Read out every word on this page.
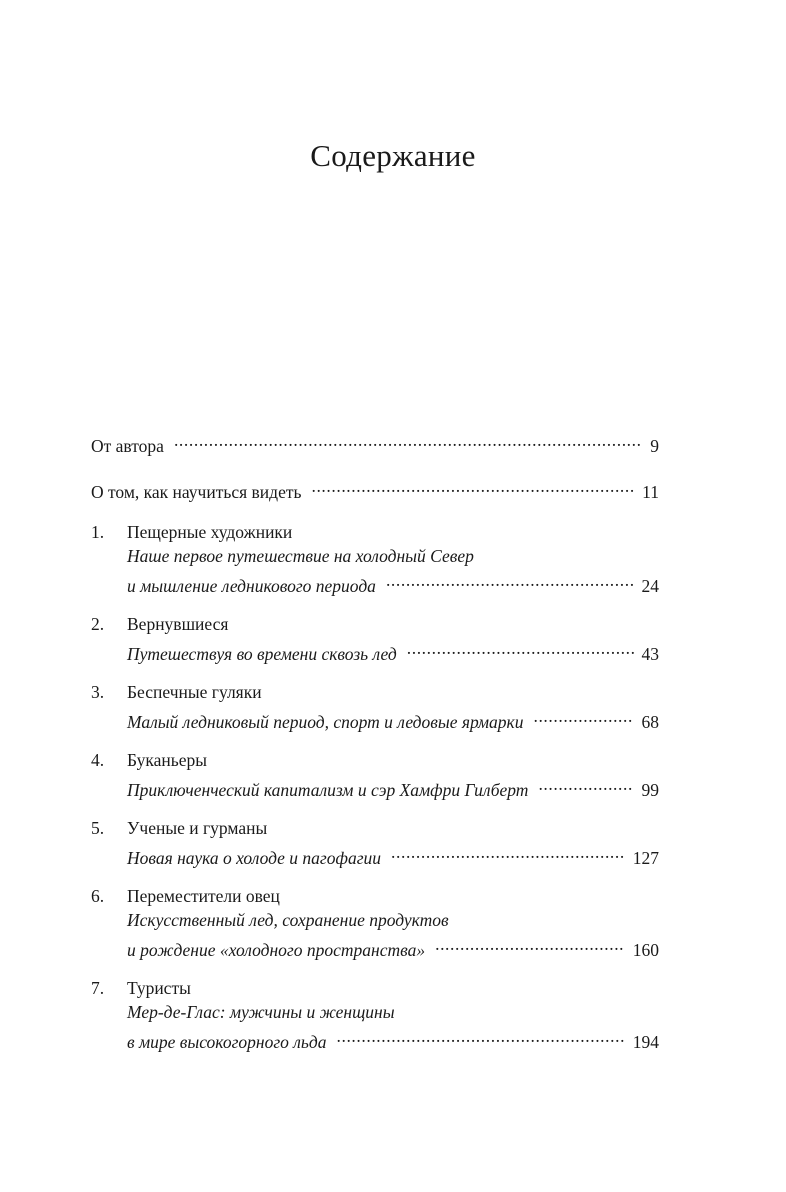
Содержание
От автора .....	9
О том, как научиться видеть .....	11
1.	Пещерные художники
Наше первое путешествие на холодный Север
и мышление ледникового периода .....	24
2.	Вернувшиеся
Путешествуя во времени сквозь лед .....	43
3.	Беспечные гуляки
Малый ледниковый период, спорт и ледовые ярмарки .....	68
4.	Буканьеры
Приключенческий капитализм и сэр Хамфри Гилберт .....	99
5.	Ученые и гурманы
Новая наука о холоде и пагофагии .....	127
6.	Переместители овец
Искусственный лед, сохранение продуктов
и рождение «холодного пространства» .....	160
7.	Туристы
Мер-де-Глас: мужчины и женщины
в мире высокогорного льда .....	194
